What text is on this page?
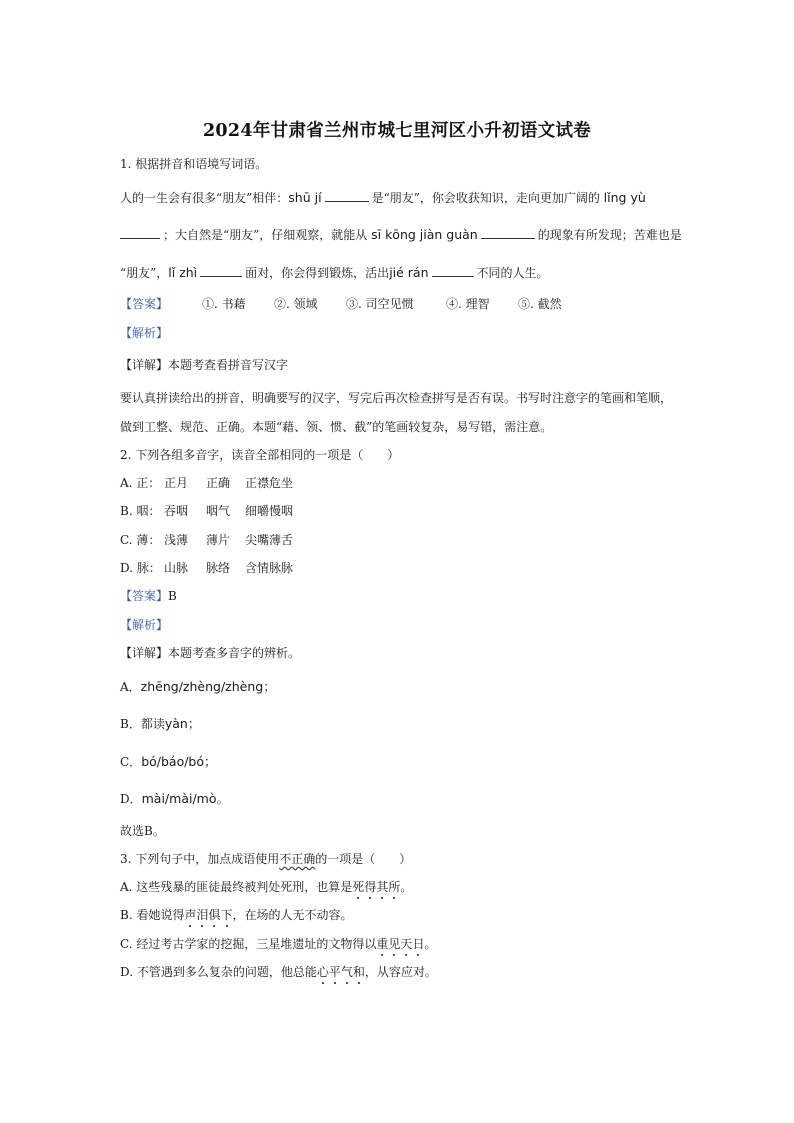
2024年甘肃省兰州市城七里河区小升初语文试卷
1. 根据拼音和语境写词语。
人的一生会有很多“朋友”相伴：shū jí	是“朋友”，你会收获知识，走向更加广阔的 lǐng yù
；大自然是“朋友”，仔细观察，就能从 sī kōng jiàn guàn	的现象有所发现；苦难也是
“朋友”，lǐ zhì	面对，你会得到锻炼，活出jié rán	不同的人生。
【答案】	①. 书藉 ②. 领域 ③. 司空见惯	④. 理智 ⑤. 截然
【解析】
【详解】本题考查看拼音写汉字
要认真拼读给出的拼音，明确要写的汉字，写完后再次检查拼写是否有误。书写时注意字的笔画和笔顺，
做到工整、规范、正确。本题“藉、领、惯、截”的笔画较复杂，易写错，需注意。
2. 下列各组多音字，读音全部相同的一项是（　　）
A. 正： 正月 正确 正襟危坐
B. 咽： 吞咽 咽气 细嚼慢咽
C. 薄： 浅薄 薄片 尖嘴薄舌
D. 脉： 山脉 脉络 含情脉脉
【答案】B
【解析】
【详解】本题考查多音字的辨析。
A．zhēng/zhèng/zhèng；
B．都读yàn；
C．bó/báo/bó；
D．mài/mài/mò。
故选B。
3. 下列句子中，加点成语使用不正确的一项是（　　）
A. 这些残暴的匪徒最终被判处死刑，也算是死得其所。
B. 看她说得声泪俱下，在场的人无不动容。
C. 经过考古学家的挖掘，三星堆遗址的文物得以重见天日。
D. 不管遇到多么复杂的问题，他总能心平气和，从容应对。
